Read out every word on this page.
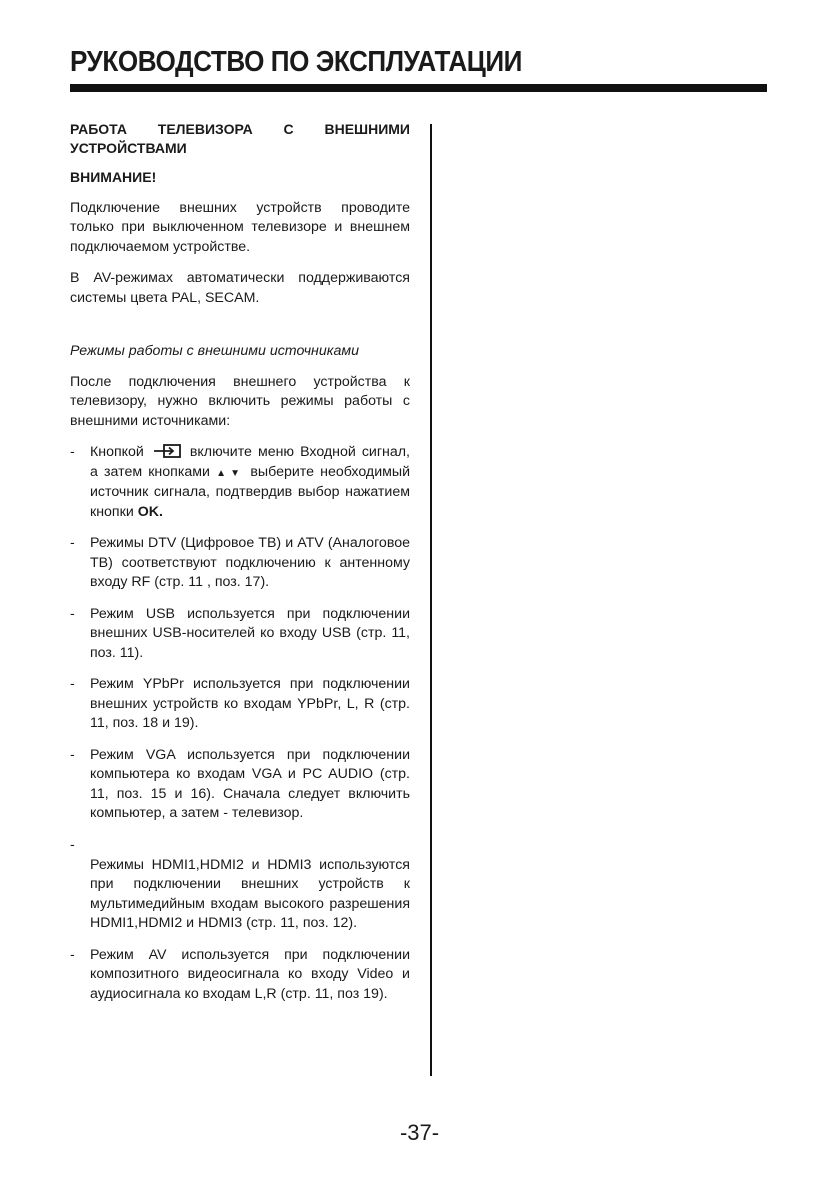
РУКОВОДСТВО ПО ЭКСПЛУАТАЦИИ

РАБОТА ТЕЛЕВИЗОРА С ВНЕШНИМИ УСТРОЙСТВАМИ

ВНИМАНИЕ!

Подключение внешних устройств проводите только при выключенном телевизоре и внешнем подключаемом устройстве.

В AV-режимах автоматически поддерживаются системы цвета PAL, SECAM.

Режимы работы с внешними источниками

После подключения внешнего устройства к телевизору, нужно включить режимы работы с внешними источниками:

- Кнопкой	включите меню Входной сигнал, а затем кнопками ▲▼ выберите необходимый источник сигнала, подтвердив выбор нажатием кнопки OK.
- Режимы DTV (Цифровое ТВ) и ATV (Аналоговое ТВ) соответствуют подключению к антенному входу RF (стр. 11 , поз. 17).
- Режим USB используется при подключении внешних USB-носителей ко входу USB (стр. 11, поз. 11).
- Режим YPbPr используется при подключении внешних устройств ко входам YPbPr, L, R (стр. 11, поз. 18 и 19).
- Режим VGA используется при подключении компьютера ко входам VGA и PC AUDIO (стр. 11, поз. 15 и 16). Сначала следует включить компьютер, а затем - телевизор.
-
Режимы HDMI1,HDMI2 и HDMI3 используются при подключении внешних устройств к мультимедийным входам высокого разрешения HDMI1,HDMI2 и HDMI3 (стр. 11, поз. 12).
- Режим AV используется при подключении композитного видеосигнала ко входу Video и аудиосигнала ко входам L,R (стр. 11, поз 19).
-37-
